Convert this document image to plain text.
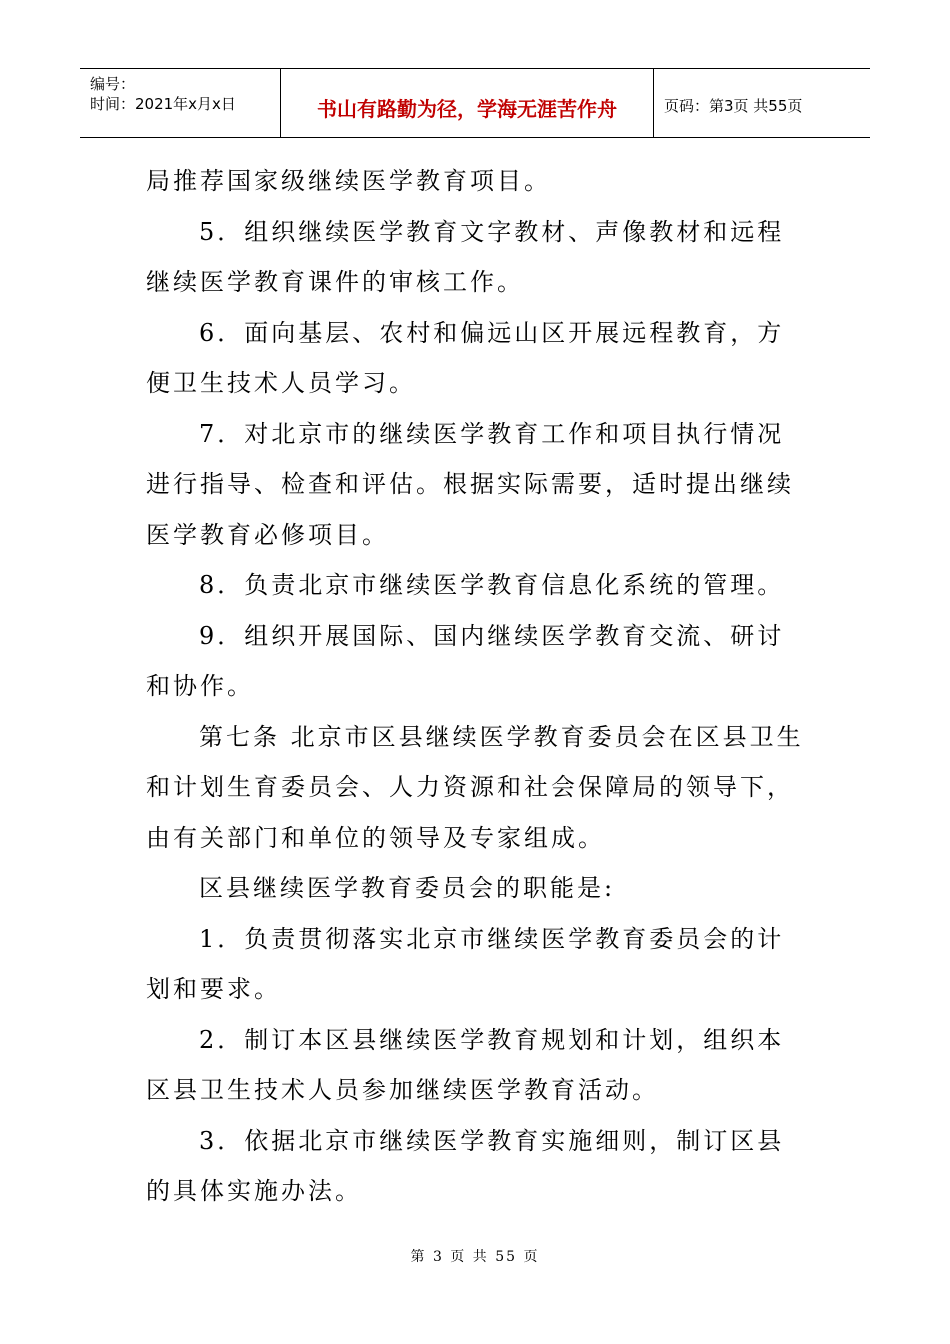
编号：
时间：2021年x月x日	书山有路勤为径，学海无涯苦作舟	页码：第3页 共55页

局推荐国家级继续医学教育项目。

5．组织继续医学教育文字教材、声像教材和远程继续医学教育课件的审核工作。

6．面向基层、农村和偏远山区开展远程教育，方便卫生技术人员学习。

7．对北京市的继续医学教育工作和项目执行情况进行指导、检查和评估。根据实际需要，适时提出继续医学教育必修项目。

8．负责北京市继续医学教育信息化系统的管理。

9．组织开展国际、国内继续医学教育交流、研讨和协作。

第七条 北京市区县继续医学教育委员会在区县卫生和计划生育委员会、人力资源和社会保障局的领导下，由有关部门和单位的领导及专家组成。

区县继续医学教育委员会的职能是:

1．负责贯彻落实北京市继续医学教育委员会的计划和要求。

2．制订本区县继续医学教育规划和计划，组织本区县卫生技术人员参加继续医学教育活动。

3．依据北京市继续医学教育实施细则，制订区县的具体实施办法。

第 3 页 共 55 页
